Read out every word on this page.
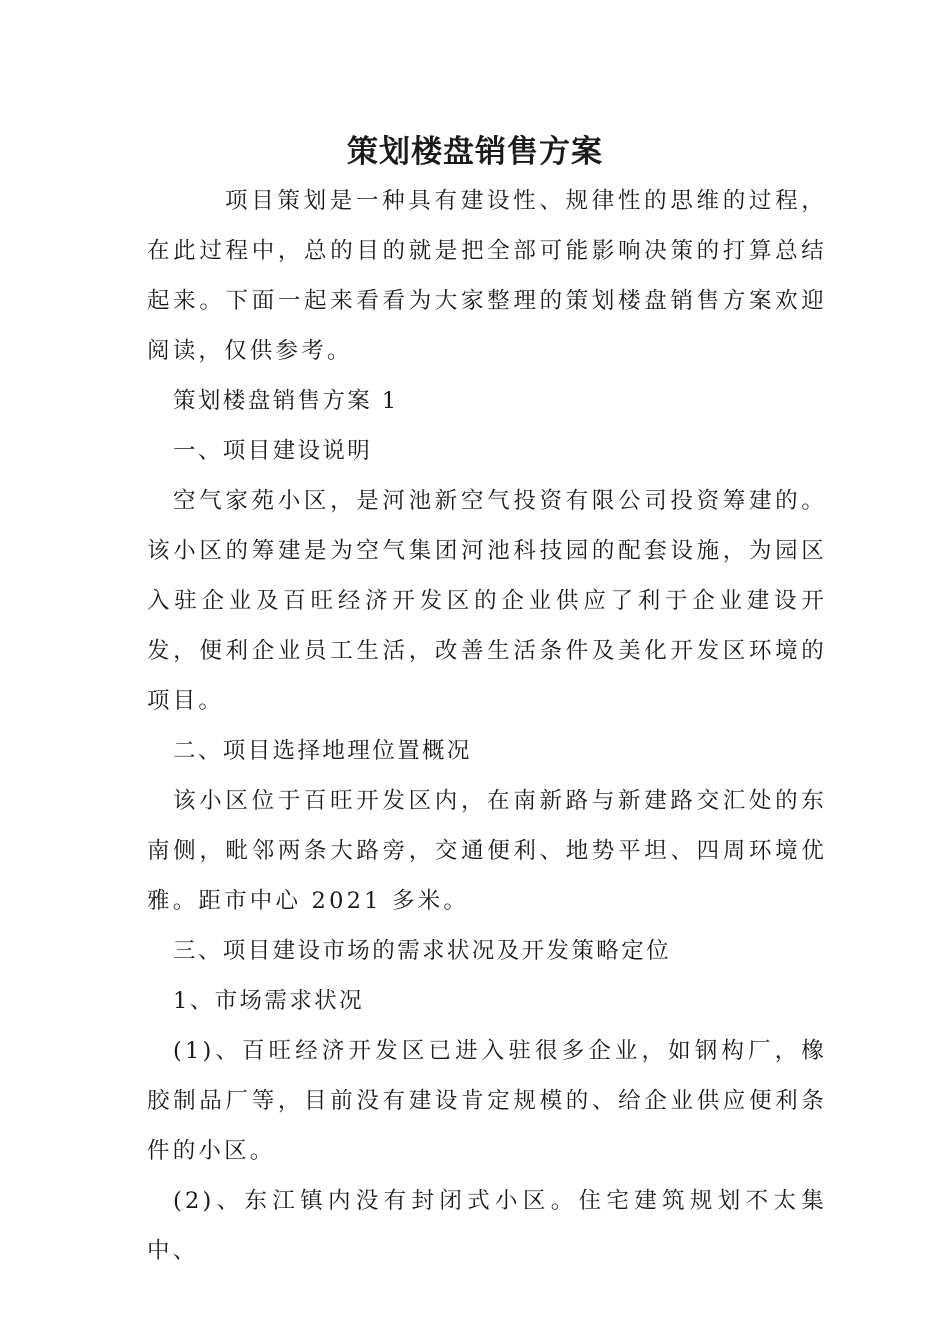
策划楼盘销售方案

项目策划是一种具有建设性、规律性的思维的过程，在此过程中，总的目的就是把全部可能影响决策的打算总结起来。下面一起来看看为大家整理的策划楼盘销售方案欢迎阅读，仅供参考。

策划楼盘销售方案 1

一、项目建设说明

空气家苑小区，是河池新空气投资有限公司投资筹建的。该小区的筹建是为空气集团河池科技园的配套设施，为园区入驻企业及百旺经济开发区的企业供应了利于企业建设开发，便利企业员工生活，改善生活条件及美化开发区环境的项目。

二、项目选择地理位置概况

该小区位于百旺开发区内，在南新路与新建路交汇处的东南侧，毗邻两条大路旁，交通便利、地势平坦、四周环境优雅。距市中心 2021 多米。

三、项目建设市场的需求状况及开发策略定位

1、市场需求状况

(1)、百旺经济开发区已进入驻很多企业，如钢构厂，橡胶制品厂等，目前没有建设肯定规模的、给企业供应便利条件的小区。

(2)、东江镇内没有封闭式小区。住宅建筑规划不太集中、
